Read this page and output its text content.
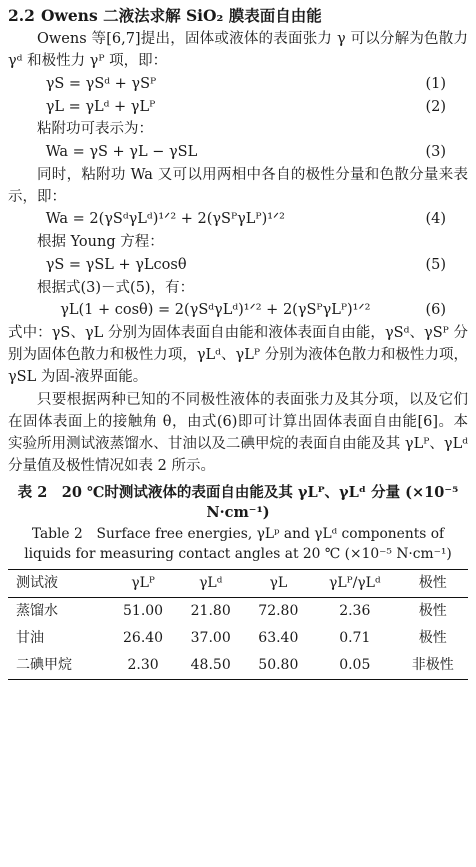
2.2 Owens 二液法求解 SiO₂ 膜表面自由能

Owens 等[6,7]提出，固体或液体的表面张力 γ 可以分解为色散力 γᵈ 和极性力 γᴾ 项，即：

γS = γSᵈ + γSᴾ	(1)
γL = γLᵈ + γLᴾ	(2)

粘附功可表示为：

Wa = γS + γL − γSL	(3)

同时，粘附功 Wa 又可以用两相中各自的极性分量和色散分量来表示，即：

Wa = 2(γSᵈγLᵈ)¹ᐟ² + 2(γSᴾγLᴾ)¹ᐟ²	(4)

根据 Young 方程：

γS = γSL + γLcosθ	(5)

根据式(3)－式(5)，有：

γL(1 + cosθ) = 2(γSᵈγLᵈ)¹ᐟ² + 2(γSᴾγLᴾ)¹ᐟ²	(6)

式中：γS、γL 分别为固体表面自由能和液体表面自由能，γSᵈ、γSᴾ 分别为固体色散力和极性力项，γLᵈ、γLᴾ 分别为液体色散力和极性力项，γSL 为固-液界面能。

只要根据两种已知的不同极性液体的表面张力及其分项，以及它们在固体表面上的接触角 θ，由式(6)即可计算出固体表面自由能[6]。本实验所用测试液蒸馏水、甘油以及二碘甲烷的表面自由能及其 γLᴾ、γLᵈ 分量值及极性情况如表 2 所示。

表 2　20 ℃时测试液体的表面自由能及其 γLᴾ、γLᵈ 分量 (×10⁻⁵ N·cm⁻¹)
Table 2　Surface free energies, γLᵖ and γLᵈ components of liquids for measuring contact angles at 20 ℃ (×10⁻⁵ N·cm⁻¹)
测试液	γLᴾ	γLᵈ	γL	γLᴾ/γLᵈ	极性
蒸馏水	51.00	21.80	72.80	2.36	极性
甘油	26.40	37.00	63.40	0.71	极性
二碘甲烷	2.30	48.50	50.80	0.05	非极性
